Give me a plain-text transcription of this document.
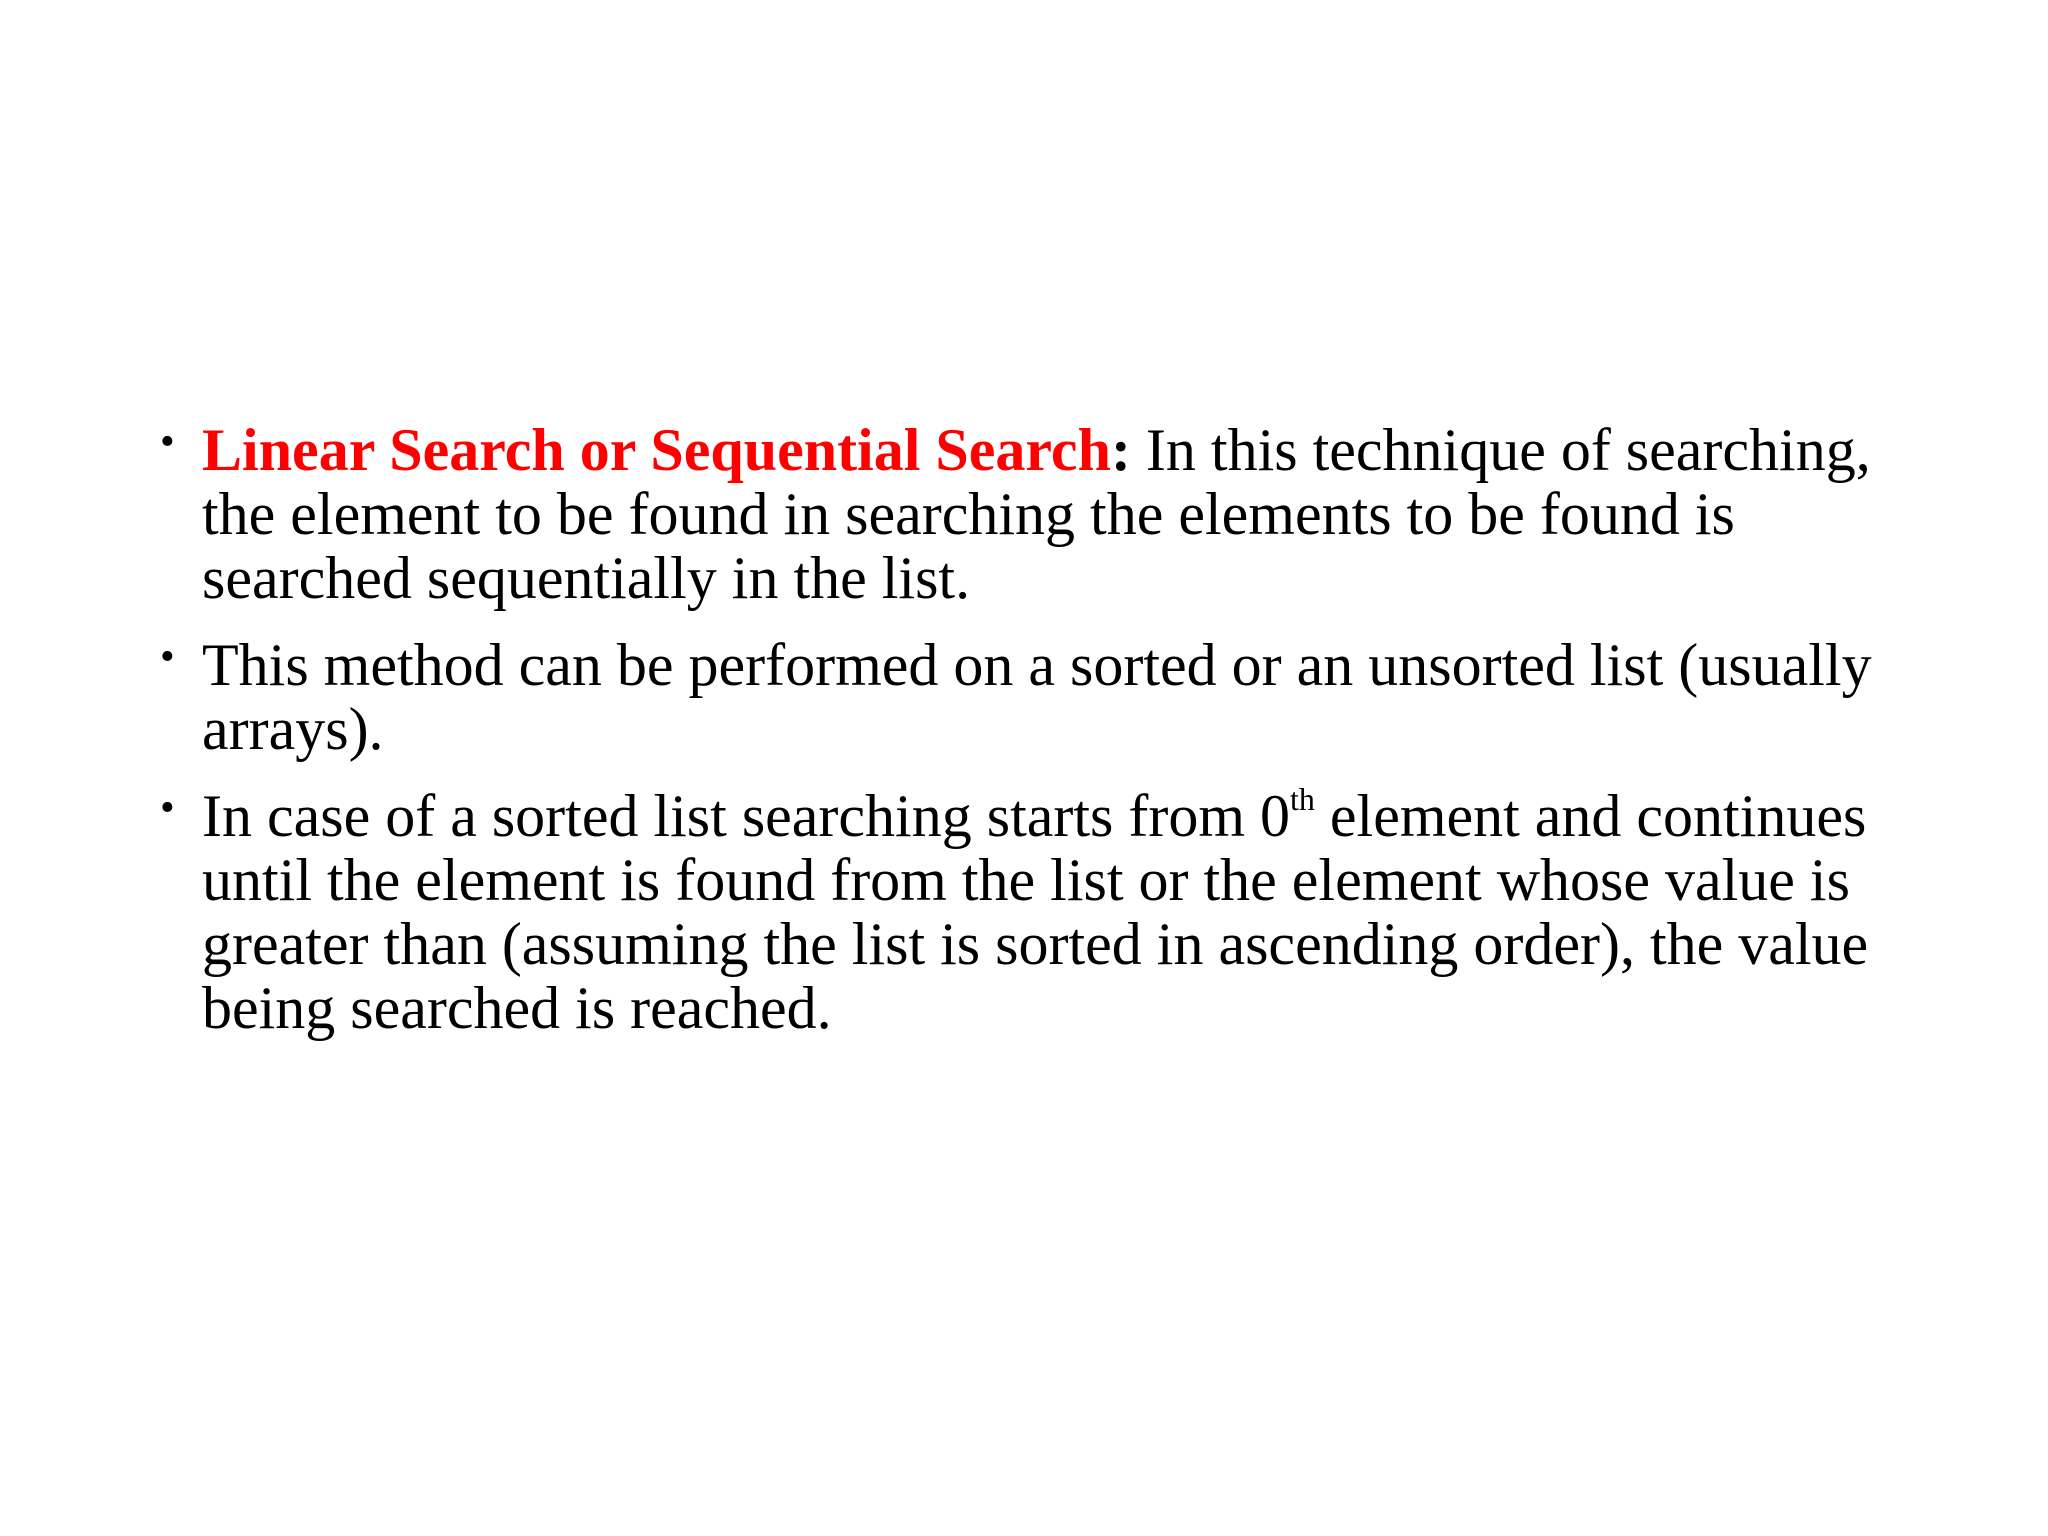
• Linear Search or Sequential Search: In this technique of searching, the element to be found in searching the elements to be found is searched sequentially in the list.
• This method can be performed on a sorted or an unsorted list (usually arrays).
• In case of a sorted list searching starts from 0th element and continues until the element is found from the list or the element whose value is greater than (assuming the list is sorted in ascending order), the value being searched is reached.
